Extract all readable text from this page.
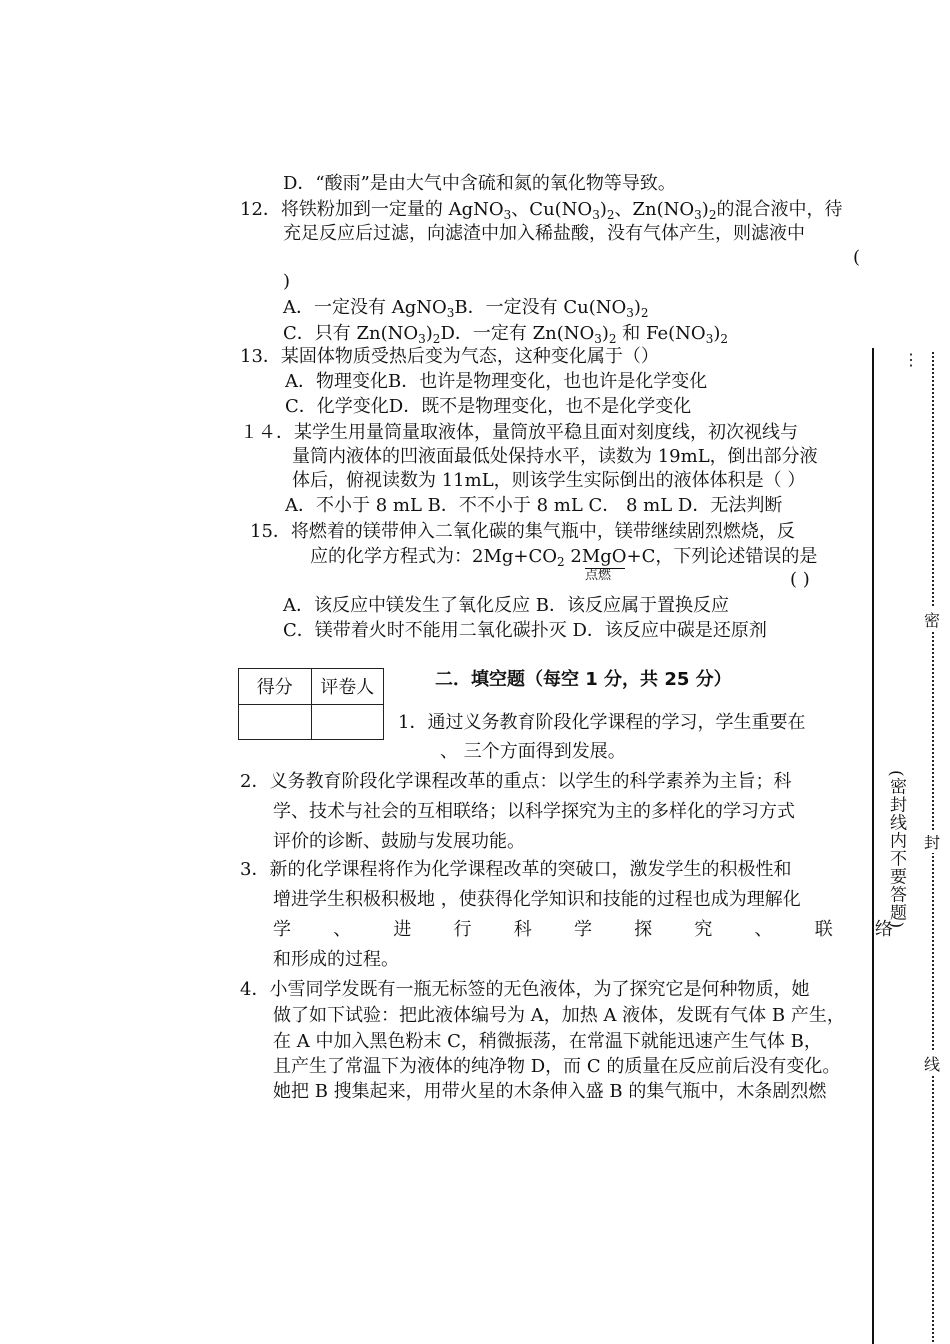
D．“酸雨”是由大气中含硫和氮的氧化物等导致。
12．将铁粉加到一定量的 AgNO$_3$、$Cu(NO_3)_2$、$Zn(NO_3)_2$的混合液中，待
充足反应后过滤，向滤渣中加入稀盐酸，没有气体产生，则滤液中
(
)
A．一定没有 AgNO$_3$B．一定没有 $Cu(NO_3)_2$
C．只有 $Zn(NO_3)_2D$．一定有 $Zn(NO_3)_2$ 和 $Fe(NO_3)_2$
13．某固体物质受热后变为气态，这种变化属于（）
A．物理变化B．也许是物理变化，也也许是化学变化
C．化学变化D．既不是物理变化，也不是化学变化
１４．某学生用量筒量取液体，量筒放平稳且面对刻度线，初次视线与
量筒内液体的凹液面最低处保持水平，读数为 19mL，倒出部分液
体后，俯视读数为 11mL，则该学生实际倒出的液体体积是（ ）
A．不小于 8 mL B．不不小于 8 mL C． 8 mL D．无法判断
15．将燃着的镁带伸入二氧化碳的集气瓶中，镁带继续剧烈燃烧，反
应的化学方程式为：$2Mg+CO_2$ 2MgO+C，下列论述错误的是
点燃	( )
A．该反应中镁发生了氧化反应 B．该反应属于置换反应
C．镁带着火时不能用二氧化碳扑灭 D．该反应中碳是还原剂
得分	评卷人
		二．填空题（每空 1 分，共 25 分）
1．通过义务教育阶段化学课程的学习，学生重要在
、 三个方面得到发展。
2．义务教育阶段化学课程改革的重点：以学生的科学素养为主旨；科
学、技术与社会的互相联络；以科学探究为主的多样化的学习方式
评价的诊断、鼓励与发展功能。
3．新的化学课程将作为化学课程改革的突破口，激发学生的积极性和
增进学生积极积极地 ，使获得化学知识和技能的过程也成为理解化
学 、 进 行 科 学 探 究 、 联 络
和形成的过程。
4．小雪同学发既有一瓶无标签的无色液体，为了探究它是何种物质，她
做了如下试验：把此液体编号为 A，加热 A 液体，发既有气体 B 产生，
在 A 中加入黑色粉末 C，稍微振荡，在常温下就能迅速产生气体 B，
且产生了常温下为液体的纯净物 D，而 C 的质量在反应前后没有变化。
她把 B 搜集起来，用带火星的木条伸入盛 B 的集气瓶中，木条剧烈燃
⋮
密
封
线
(密封线内不要答题)
